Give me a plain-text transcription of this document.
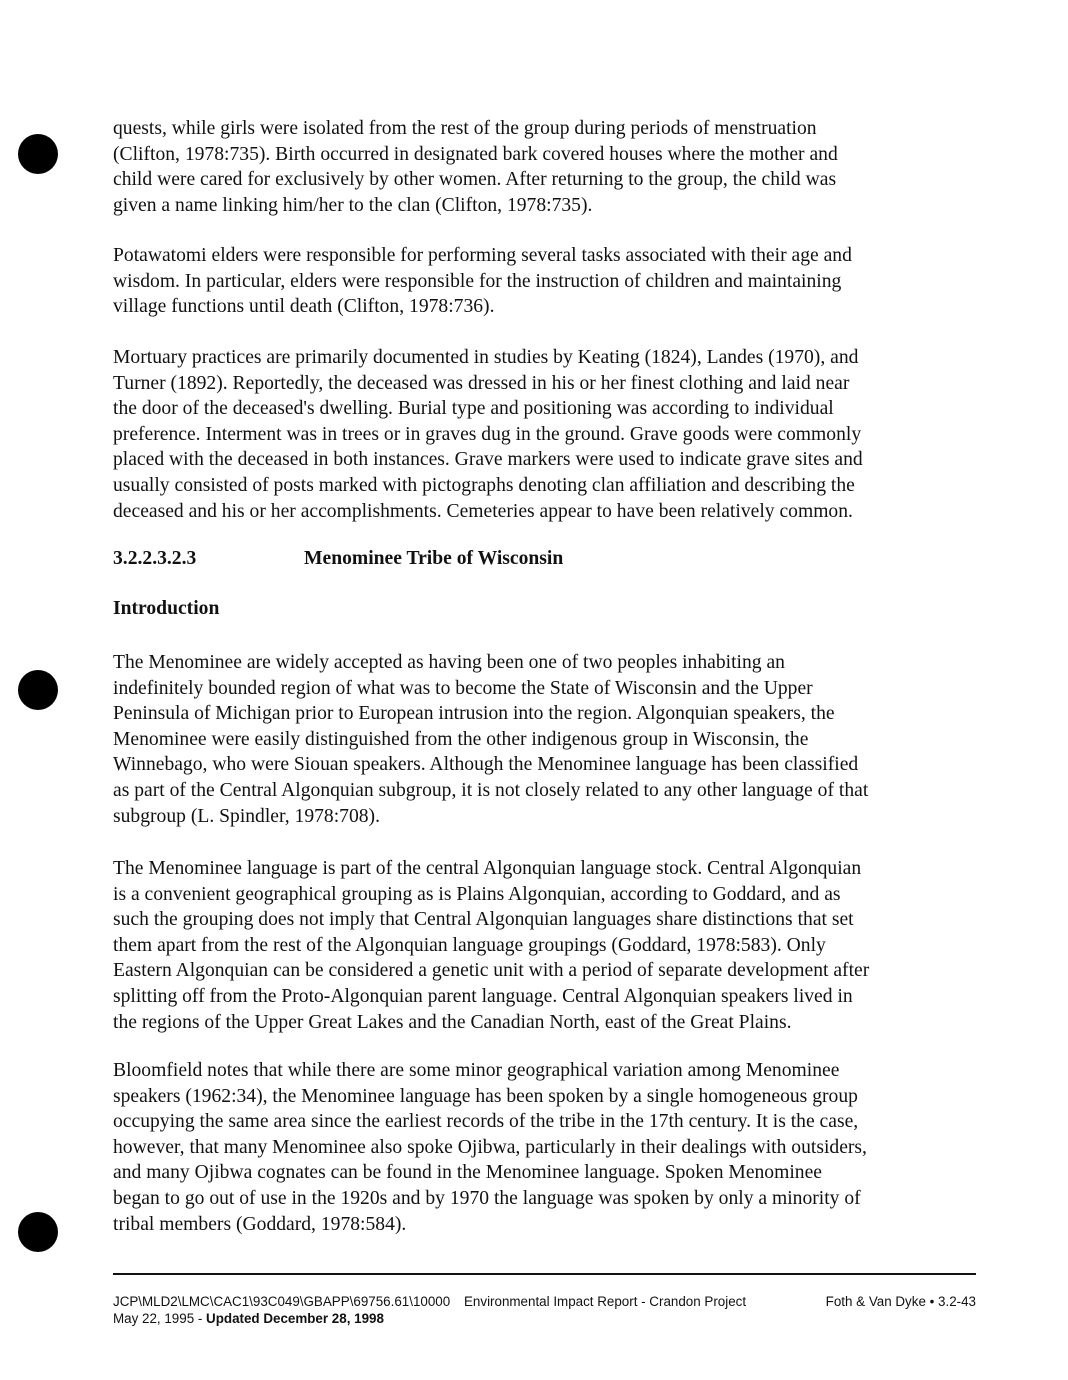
quests, while girls were isolated from the rest of the group during periods of menstruation

(Clifton, 1978:735). Birth occurred in designated bark covered houses where the mother and

child were cared for exclusively by other women. After returning to the group, the child was

given a name linking him/her to the clan (Clifton, 1978:735).

Potawatomi elders were responsible for performing several tasks associated with their age and

wisdom. In particular, elders were responsible for the instruction of children and maintaining

village functions until death (Clifton, 1978:736).

Mortuary practices are primarily documented in studies by Keating (1824), Landes (1970), and

Turner (1892). Reportedly, the deceased was dressed in his or her finest clothing and laid near

the door of the deceased's dwelling. Burial type and positioning was according to individual

preference. Interment was in trees or in graves dug in the ground. Grave goods were commonly

placed with the deceased in both instances. Grave markers were used to indicate grave sites and

usually consisted of posts marked with pictographs denoting clan affiliation and describing the

deceased and his or her accomplishments. Cemeteries appear to have been relatively common.

3.2.2.3.2.3	Menominee Tribe of Wisconsin
Introduction

The Menominee are widely accepted as having been one of two peoples inhabiting an

indefinitely bounded region of what was to become the State of Wisconsin and the Upper

Peninsula of Michigan prior to European intrusion into the region. Algonquian speakers, the

Menominee were easily distinguished from the other indigenous group in Wisconsin, the

Winnebago, who were Siouan speakers. Although the Menominee language has been classified

as part of the Central Algonquian subgroup, it is not closely related to any other language of that

subgroup (L. Spindler, 1978:708).

The Menominee language is part of the central Algonquian language stock. Central Algonquian

is a convenient geographical grouping as is Plains Algonquian, according to Goddard, and as

such the grouping does not imply that Central Algonquian languages share distinctions that set

them apart from the rest of the Algonquian language groupings (Goddard, 1978:583). Only

Eastern Algonquian can be considered a genetic unit with a period of separate development after

splitting off from the Proto-Algonquian parent language. Central Algonquian speakers lived in

the regions of the Upper Great Lakes and the Canadian North, east of the Great Plains.

Bloomfield notes that while there are some minor geographical variation among Menominee

speakers (1962:34), the Menominee language has been spoken by a single homogeneous group

occupying the same area since the earliest records of the tribe in the 17th century. It is the case,

however, that many Menominee also spoke Ojibwa, particularly in their dealings with outsiders,

and many Ojibwa cognates can be found in the Menominee language. Spoken Menominee

began to go out of use in the 1920s and by 1970 the language was spoken by only a minority of

tribal members (Goddard, 1978:584).

JCP\MLD2\LMC\CAC1\93C049\GBAPP\69756.61\10000
May 22, 1995 - Updated December 28, 1998
Environmental Impact Report - Crandon Project	Foth & Van Dyke • 3.2-43
